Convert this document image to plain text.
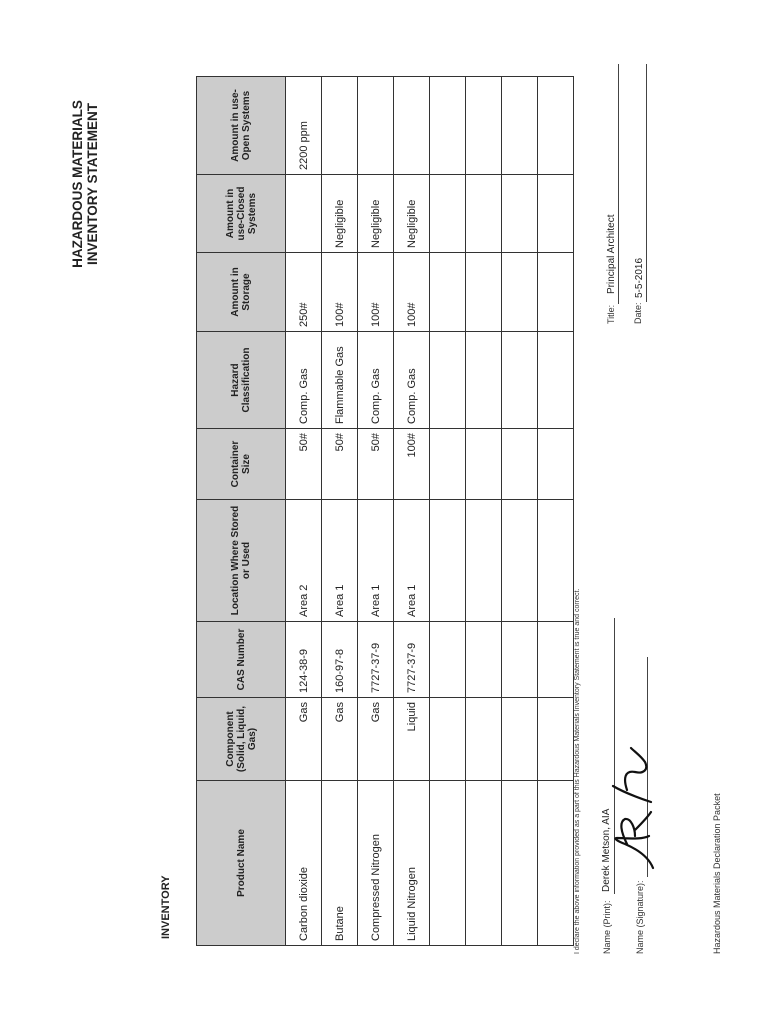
HAZARDOUS MATERIALS INVENTORY STATEMENT
INVENTORY
Product Name	Component (Solid, Liquid, Gas)	CAS Number	Location Where Stored or Used	Container Size	Hazard Classification	Amount in Storage	Amount in use-Closed Systems	Amount in use-Open Systems
Carbon dioxide	Gas	124-38-9	Area 2	50#	Comp. Gas	250#		2200 ppm
Butane	Gas	160-97-8	Area 1	50#	Flammable Gas	100#	Negligible	
Compressed Nitrogen	Gas	7727-37-9	Area 1	50#	Comp. Gas	100#	Negligible	
Liquid Nitrogen	Liquid	7727-37-9	Area 1	100#	Comp. Gas	100#	Negligible	

I declare the above information provided as a part of this Hazardous Materials Inventory Statement is true and correct. Name (Print):
Derek Metson, AIA
Name (Signature):
Title:
Principal Architect
Date:
5-5-2016
Hazardous Materials Declaration Packet
